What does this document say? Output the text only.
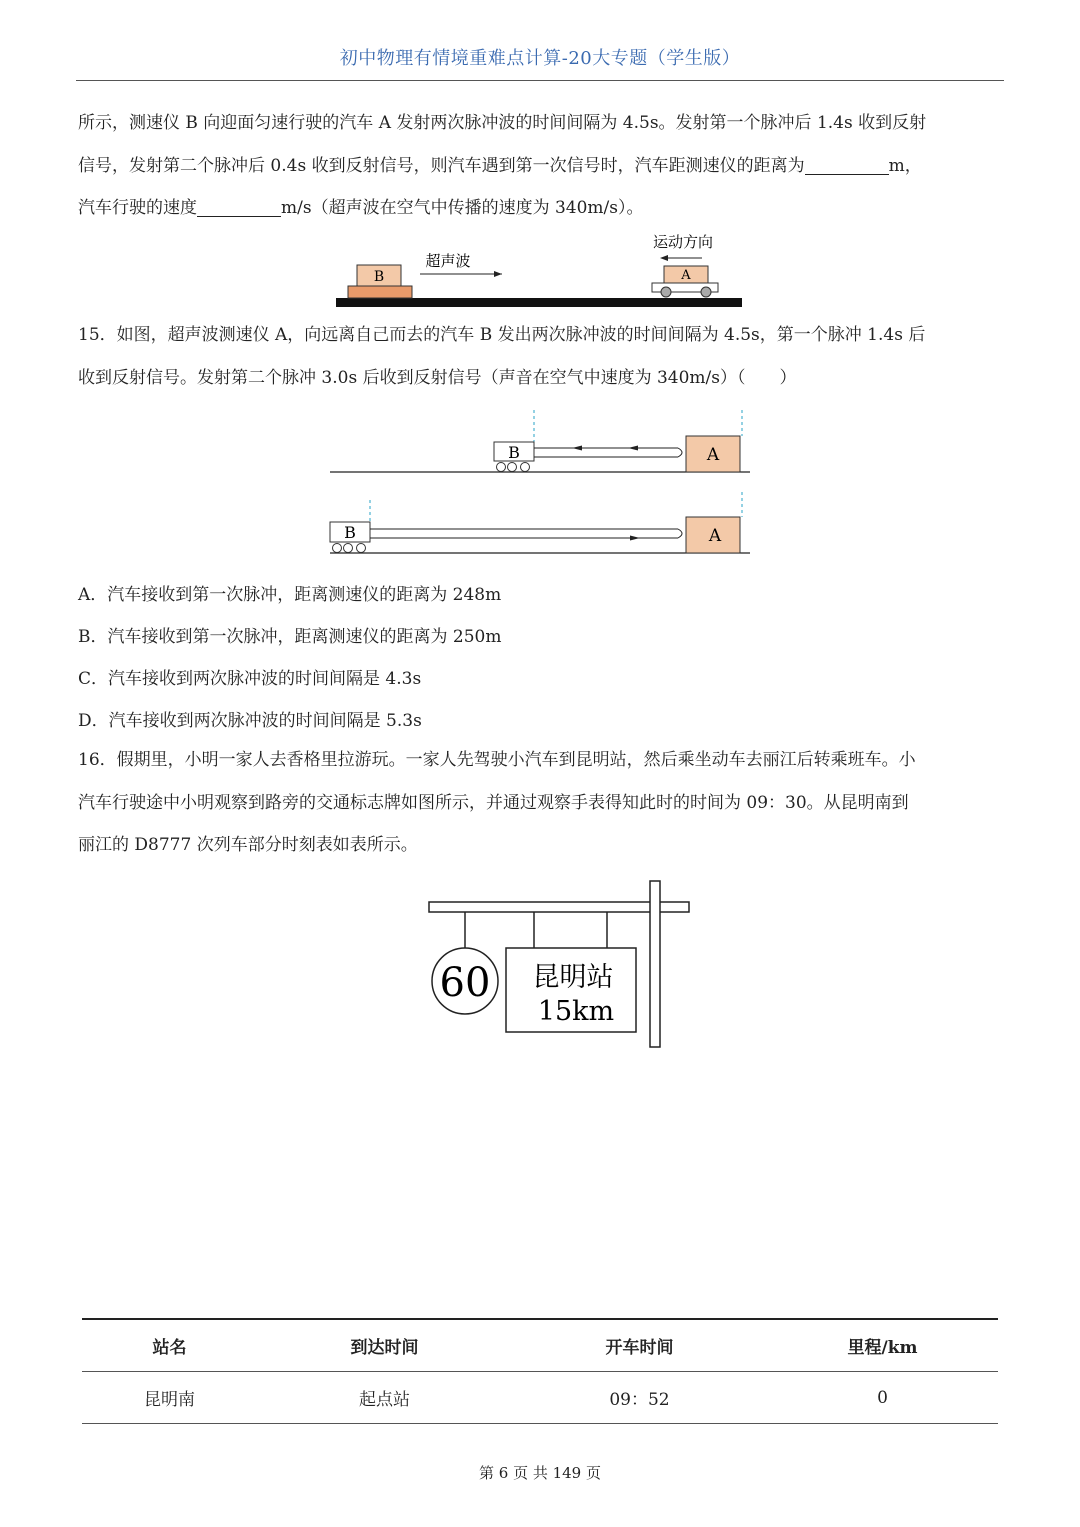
初中物理有情境重难点计算-20大专题（学生版）
所示，测速仪 B 向迎面匀速行驶的汽车 A 发射两次脉冲波的时间间隔为 4.5s。发射第一个脉冲后 1.4s 收到反射
信号，发射第二个脉冲后 0.4s 收到反射信号，则汽车遇到第一次信号时，汽车距测速仪的距离为	m，
汽车行驶的速度	m/s（超声波在空气中传播的速度为 340m/s）。
B
超声波
运动方向
A
15．如图，超声波测速仪 A，向远离自己而去的汽车 B 发出两次脉冲波的时间间隔为 4.5s，第一个脉冲 1.4s 后
收到反射信号。发射第二个脉冲 3.0s 后收到反射信号（声音在空气中速度为 340m/s）（　　）
B	A
B	A
A．汽车接收到第一次脉冲，距离测速仪的距离为 248m
B．汽车接收到第一次脉冲，距离测速仪的距离为 250m
C．汽车接收到两次脉冲波的时间间隔是 4.3s
D．汽车接收到两次脉冲波的时间间隔是 5.3s
16．假期里，小明一家人去香格里拉游玩。一家人先驾驶小汽车到昆明站，然后乘坐动车去丽江后转乘班车。小
汽车行驶途中小明观察到路旁的交通标志牌如图所示，并通过观察手表得知此时的时间为 09：30。从昆明南到
丽江的 D8777 次列车部分时刻表如表所示。
60 昆明站
15km
站名	到达时间	开车时间	里程/km
昆明南	起点站	09：52	0
第 6 页 共 149 页
